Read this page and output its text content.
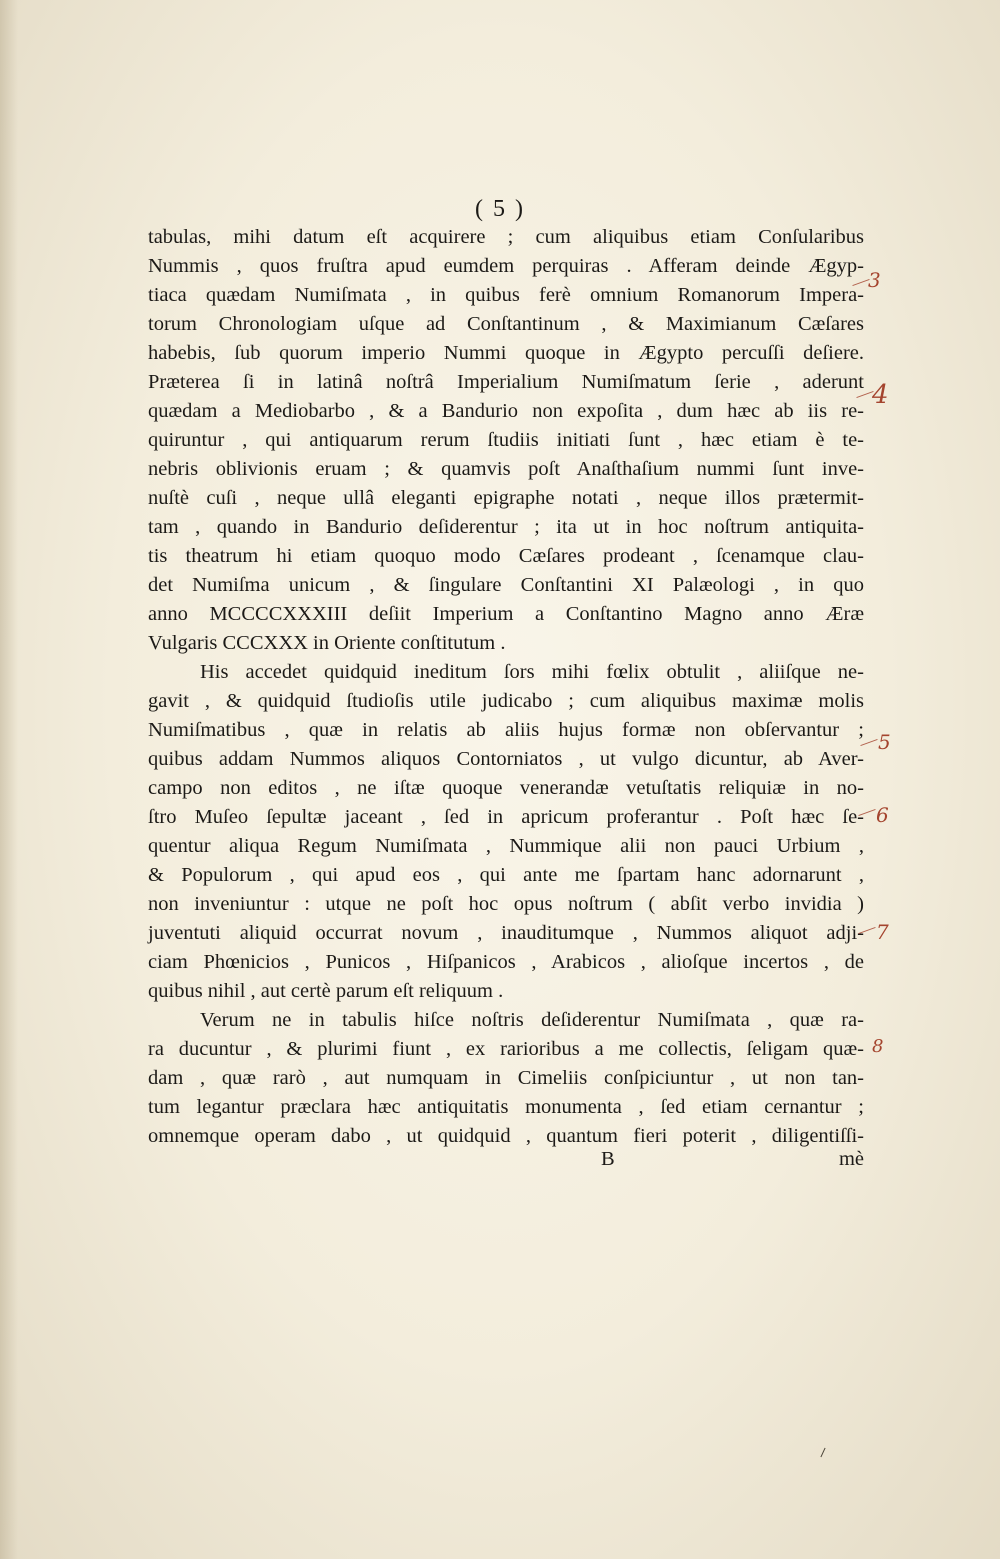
( 5 )
tabulas, mihi datum eſt acquirere ; cum aliquibus etiam Conſularibus
Nummis , quos fruſtra apud eumdem perquiras . Afferam deinde Ægyp-
tiaca quædam Numiſmata , in quibus ferè omnium Romanorum Impera-
torum Chronologiam uſque ad Conſtantinum , & Maximianum Cæſares
habebis, ſub quorum imperio Nummi quoque in Ægypto percuſſi deſiere.
Præterea ſi in latinâ noſtrâ Imperialium Numiſmatum ſerie , aderunt
quædam a Mediobarbo , & a Bandurio non expoſita , dum hæc ab iis re-
quiruntur , qui antiquarum rerum ſtudiis initiati ſunt , hæc etiam è te-
nebris oblivionis eruam ; & quamvis poſt Anaſthaſium nummi ſunt inve-
nuſtè cuſi , neque ullâ eleganti epigraphe notati , neque illos prætermit-
tam , quando in Bandurio deſiderentur ; ita ut in hoc noſtrum antiquita-
tis theatrum hi etiam quoquo modo Cæſares prodeant , ſcenamque clau-
det Numiſma unicum , & ſingulare Conſtantini XI Palæologi , in quo
anno MCCCCXXXIII deſiit Imperium a Conſtantino Magno anno Æræ
Vulgaris CCCXXX in Oriente conſtitutum .
His accedet quidquid ineditum ſors mihi fœlix obtulit , aliiſque ne-
gavit , & quidquid ſtudioſis utile judicabo ; cum aliquibus maximæ molis
Numiſmatibus , quæ in relatis ab aliis hujus formæ non obſervantur ;
quibus addam Nummos aliquos Contorniatos , ut vulgo dicuntur, ab Aver-
campo non editos , ne iſtæ quoque venerandæ vetuſtatis reliquiæ in no-
ſtro Muſeo ſepultæ jaceant , ſed in apricum proferantur . Poſt hæc ſe-
quentur aliqua Regum Numiſmata , Nummique alii non pauci Urbium ,
& Populorum , qui apud eos , qui ante me ſpartam hanc adornarunt ,
non inveniuntur : utque ne poſt hoc opus noſtrum ( abſit verbo invidia )
juventuti aliquid occurrat novum , inauditumque , Nummos aliquot adji-
ciam Phœnicios , Punicos , Hiſpanicos , Arabicos , alioſque incertos , de
quibus nihil , aut certè parum eſt reliquum .
Verum ne in tabulis hiſce noſtris deſiderentur Numiſmata , quæ ra-
ra ducuntur , & plurimi fiunt , ex rarioribus a me collectis, ſeligam quæ-
dam , quæ rarò , aut numquam in Cimeliis conſpiciuntur , ut non tan-
tum legantur præclara hæc antiquitatis monumenta , ſed etiam cernantur ;
omnemque operam dabo , ut quidquid , quantum fieri poterit , diligentiſſi-
B	mè
3
4
5
6
7
8
